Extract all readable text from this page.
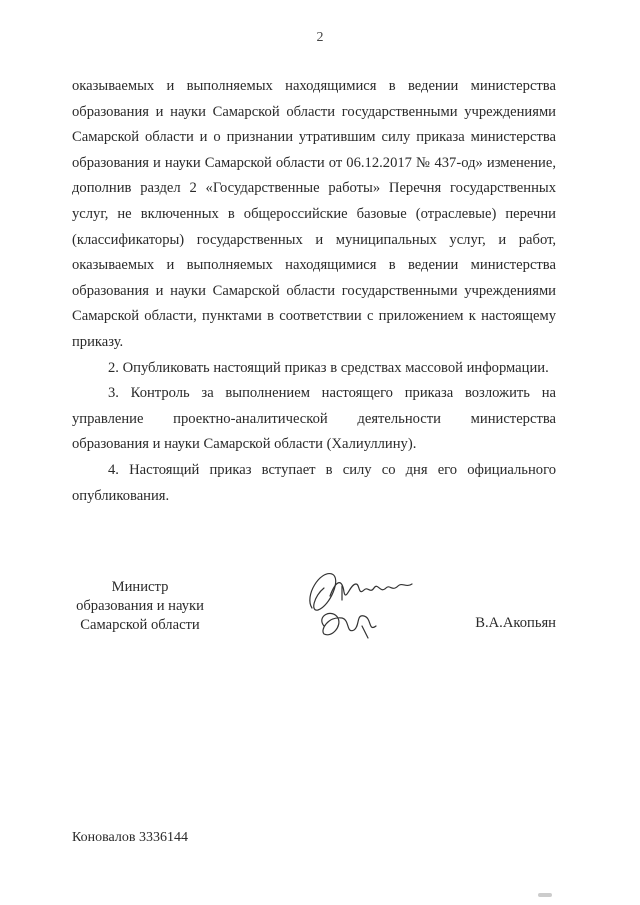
2

оказываемых и выполняемых находящимися в ведении министерства образования и науки Самарской области государственными учреждениями Самарской области и о признании утратившим силу приказа министерства образования и науки Самарской области от 06.12.2017 № 437-од» изменение, дополнив раздел 2 «Государственные работы» Перечня государственных услуг, не включенных в общероссийские базовые (отраслевые) перечни (классификаторы) государственных и муниципальных услуг, и работ, оказываемых и выполняемых находящимися в ведении министерства образования и науки Самарской области государственными учреждениями Самарской области, пунктами в соответствии с приложением к настоящему приказу.

2. Опубликовать настоящий приказ в средствах массовой информации.

3. Контроль за выполнением настоящего приказа возложить на управление проектно-аналитической деятельности министерства образования и науки Самарской области (Халиуллину).

4. Настоящий приказ вступает в силу со дня его официального опубликования.

Министр
образования и науки
Самарской области	В.А.Акопьян
Коновалов 3336144
